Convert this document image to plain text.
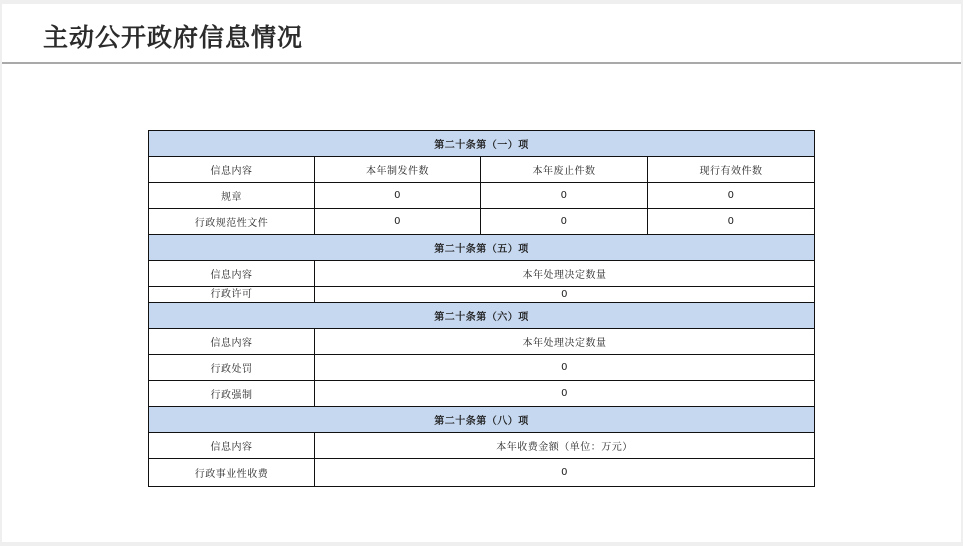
主动公开政府信息情况
第二十条第（一）项			
信息内容	本年制发件数	本年废止件数	现行有效件数
规章	0	0	0
行政规范性文件	0	0	0
第二十条第（五）项			
信息内容	本年处理决定数量		
行政许可	0		
第二十条第（六）项			
信息内容	本年处理决定数量		
行政处罚	0		
行政强制	0		
第二十条第（八）项			
信息内容	本年收费金额（单位：万元）		
行政事业性收费	0		
